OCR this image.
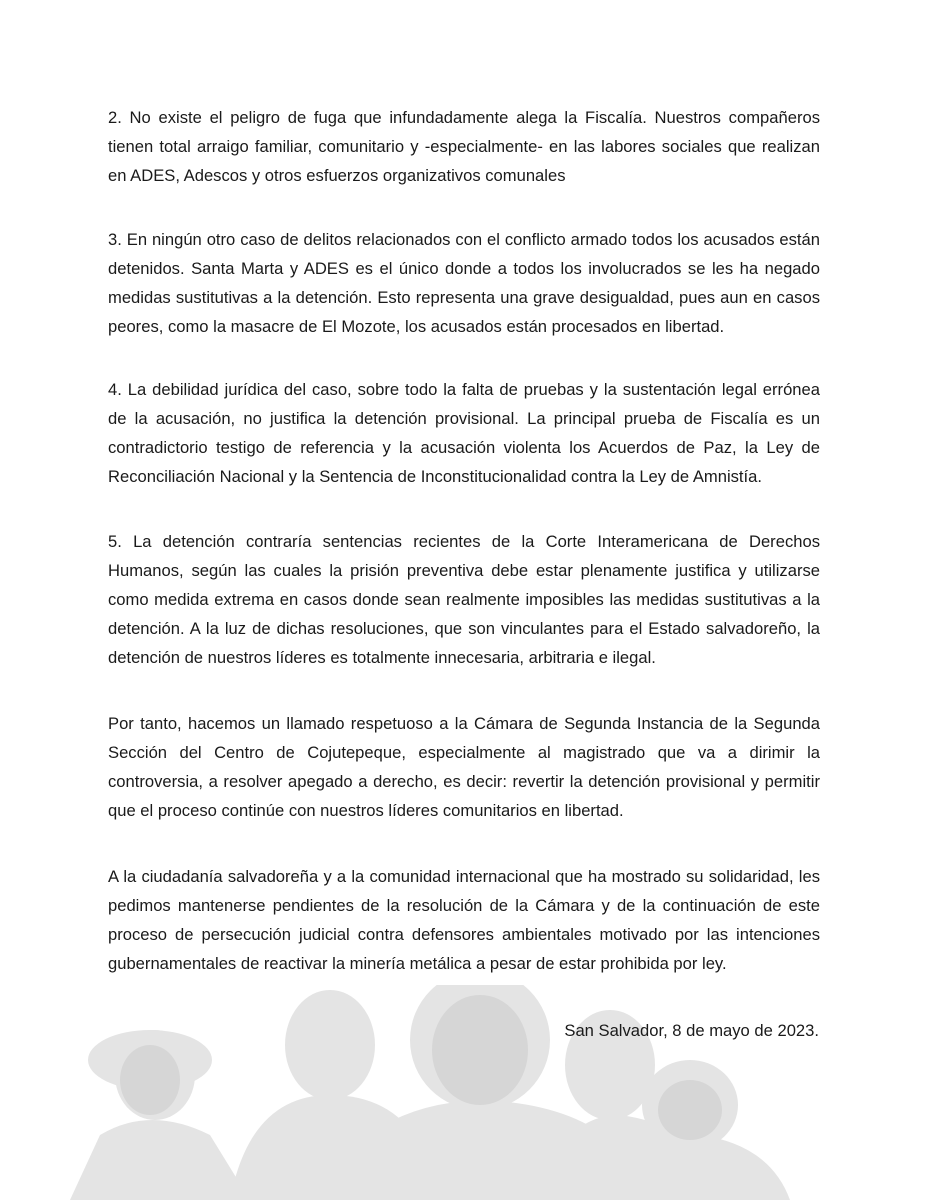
2. No existe el peligro de fuga que infundadamente alega la Fiscalía. Nuestros compañeros tienen total arraigo familiar, comunitario y -especialmente- en las labores sociales que realizan en ADES, Adescos y otros esfuerzos organizativos comunales

3. En ningún otro caso de delitos relacionados con el conflicto armado todos los acusados están detenidos. Santa Marta y ADES es el único donde a todos los involucrados se les ha negado medidas sustitutivas a la detención. Esto representa una grave desigualdad, pues aun en casos peores, como la masacre de El Mozote, los acusados están procesados en libertad.

4. La debilidad jurídica del caso, sobre todo la falta de pruebas y la sustentación legal errónea de la acusación, no justifica la detención provisional. La principal prueba de Fiscalía es un contradictorio testigo de referencia y la acusación violenta los Acuerdos de Paz, la Ley de Reconciliación Nacional y la Sentencia de Inconstitucionalidad contra la Ley de Amnistía.

5. La detención contraría sentencias recientes de la Corte Interamericana de Derechos Humanos, según las cuales la prisión preventiva debe estar plenamente justifica y utilizarse como medida extrema en casos donde sean realmente imposibles las medidas sustitutivas a la detención. A la luz de dichas resoluciones, que son vinculantes para el Estado salvadoreño, la detención de nuestros líderes es totalmente innecesaria, arbitraria e ilegal.

Por tanto, hacemos un llamado respetuoso a la Cámara de Segunda Instancia de la Segunda Sección del Centro de Cojutepeque, especialmente al magistrado que va a dirimir la controversia, a resolver apegado a derecho, es decir: revertir la detención provisional y permitir que el proceso continúe con nuestros líderes comunitarios en libertad.

A la ciudadanía salvadoreña y a la comunidad internacional que ha mostrado su solidaridad, les pedimos mantenerse pendientes de la resolución de la Cámara y de la continuación de este proceso de persecución judicial contra defensores ambientales motivado por las intenciones gubernamentales de reactivar la minería metálica a pesar de estar prohibida por ley.

San Salvador, 8 de mayo de 2023.
